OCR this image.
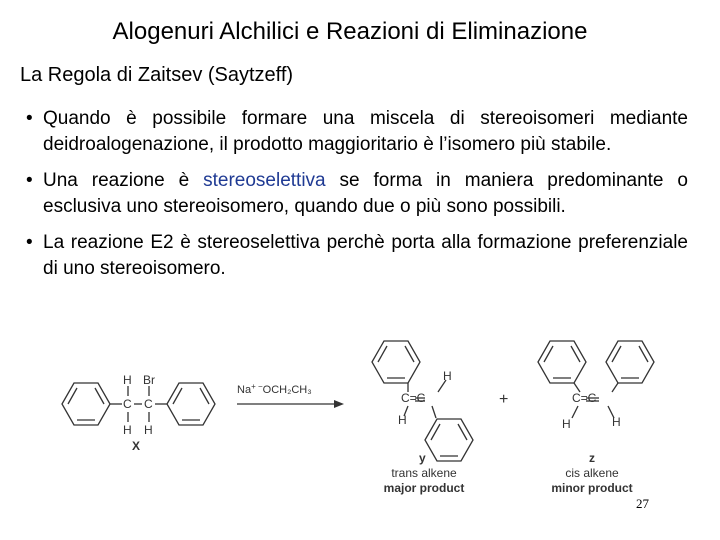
Alogenuri Alchilici e Reazioni di Eliminazione
La Regola di Zaitsev (Saytzeff)
• Quando è possibile formare una miscela di stereoisomeri mediante deidroalogenazione, il prodotto maggioritario è l’isomero più stabile.
• Una reazione è stereoselettiva se forma in maniera predominante o esclusiva uno stereoisomero, quando due o più sono possibili.
• La reazione E2 è stereoselettiva perchè porta alla formazione preferenziale di uno stereoisomero.
H Br
H H
C C
X
Na+ −OCH₂CH₃
H
C=C
H
y
trans alkene
major product
+	C=C
H	H
z
cis alkene
minor product
27
